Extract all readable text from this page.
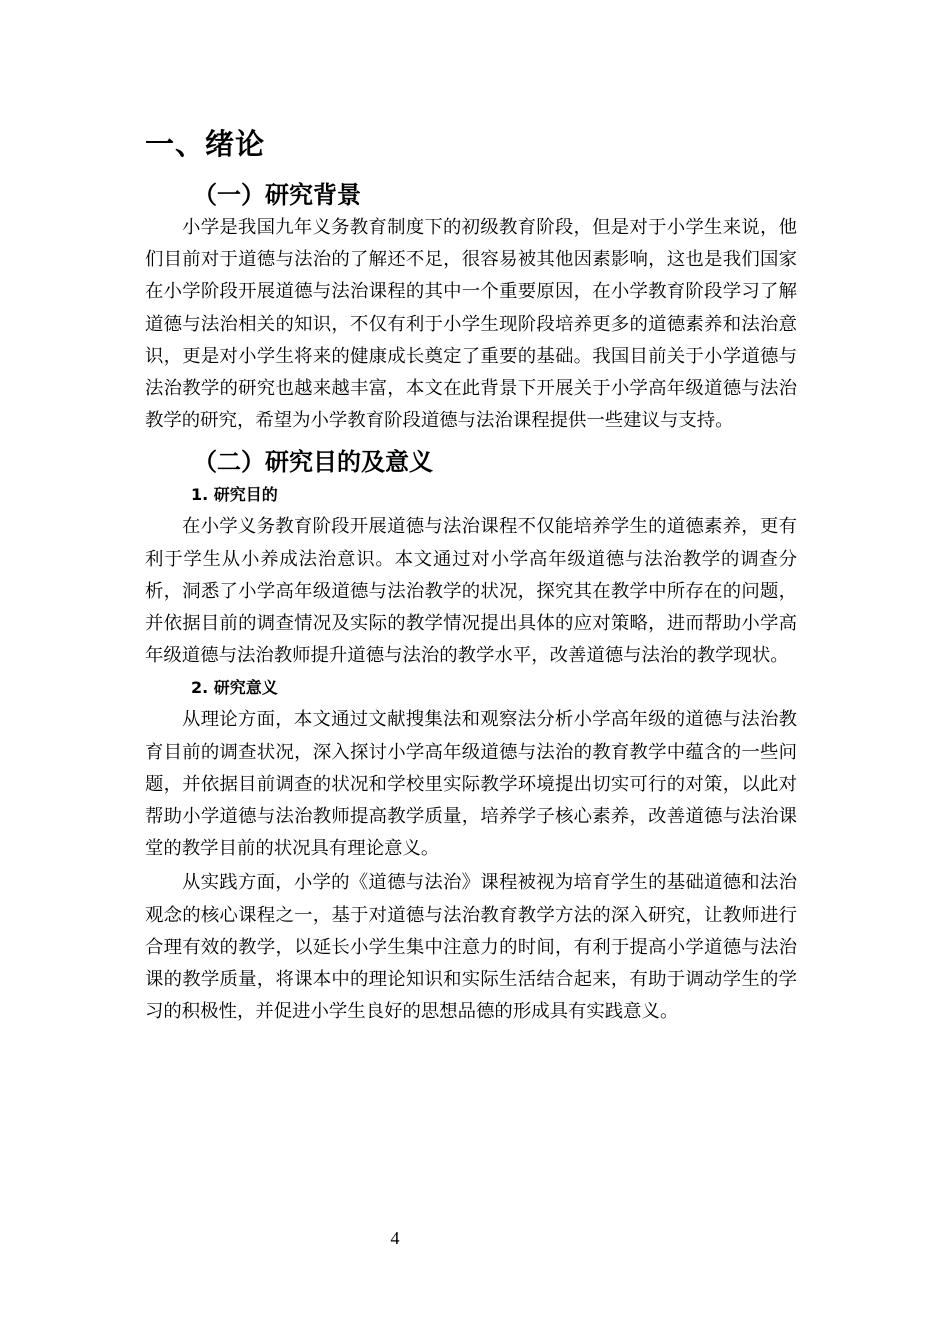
一、绪论
（一）研究背景

小学是我国九年义务教育制度下的初级教育阶段，但是对于小学生来说，他们目前对于道德与法治的了解还不足，很容易被其他因素影响，这也是我们国家在小学阶段开展道德与法治课程的其中一个重要原因，在小学教育阶段学习了解道德与法治相关的知识，不仅有利于小学生现阶段培养更多的道德素养和法治意识，更是对小学生将来的健康成长奠定了重要的基础。我国目前关于小学道德与法治教学的研究也越来越丰富，本文在此背景下开展关于小学高年级道德与法治教学的研究，希望为小学教育阶段道德与法治课程提供一些建议与支持。

（二）研究目的及意义
1. 研究目的

在小学义务教育阶段开展道德与法治课程不仅能培养学生的道德素养，更有利于学生从小养成法治意识。本文通过对小学高年级道德与法治教学的调查分析，洞悉了小学高年级道德与法治教学的状况，探究其在教学中所存在的问题，并依据目前的调查情况及实际的教学情况提出具体的应对策略，进而帮助小学高年级道德与法治教师提升道德与法治的教学水平，改善道德与法治的教学现状。

2. 研究意义

从理论方面，本文通过文献搜集法和观察法分析小学高年级的道德与法治教育目前的调查状况，深入探讨小学高年级道德与法治的教育教学中蕴含的一些问题，并依据目前调查的状况和学校里实际教学环境提出切实可行的对策，以此对帮助小学道德与法治教师提高教学质量，培养学子核心素养，改善道德与法治课堂的教学目前的状况具有理论意义。

从实践方面，小学的《道德与法治》课程被视为培育学生的基础道德和法治观念的核心课程之一，基于对道德与法治教育教学方法的深入研究，让教师进行合理有效的教学，以延长小学生集中注意力的时间，有利于提高小学道德与法治课的教学质量，将课本中的理论知识和实际生活结合起来，有助于调动学生的学习的积极性，并促进小学生良好的思想品德的形成具有实践意义。

4
